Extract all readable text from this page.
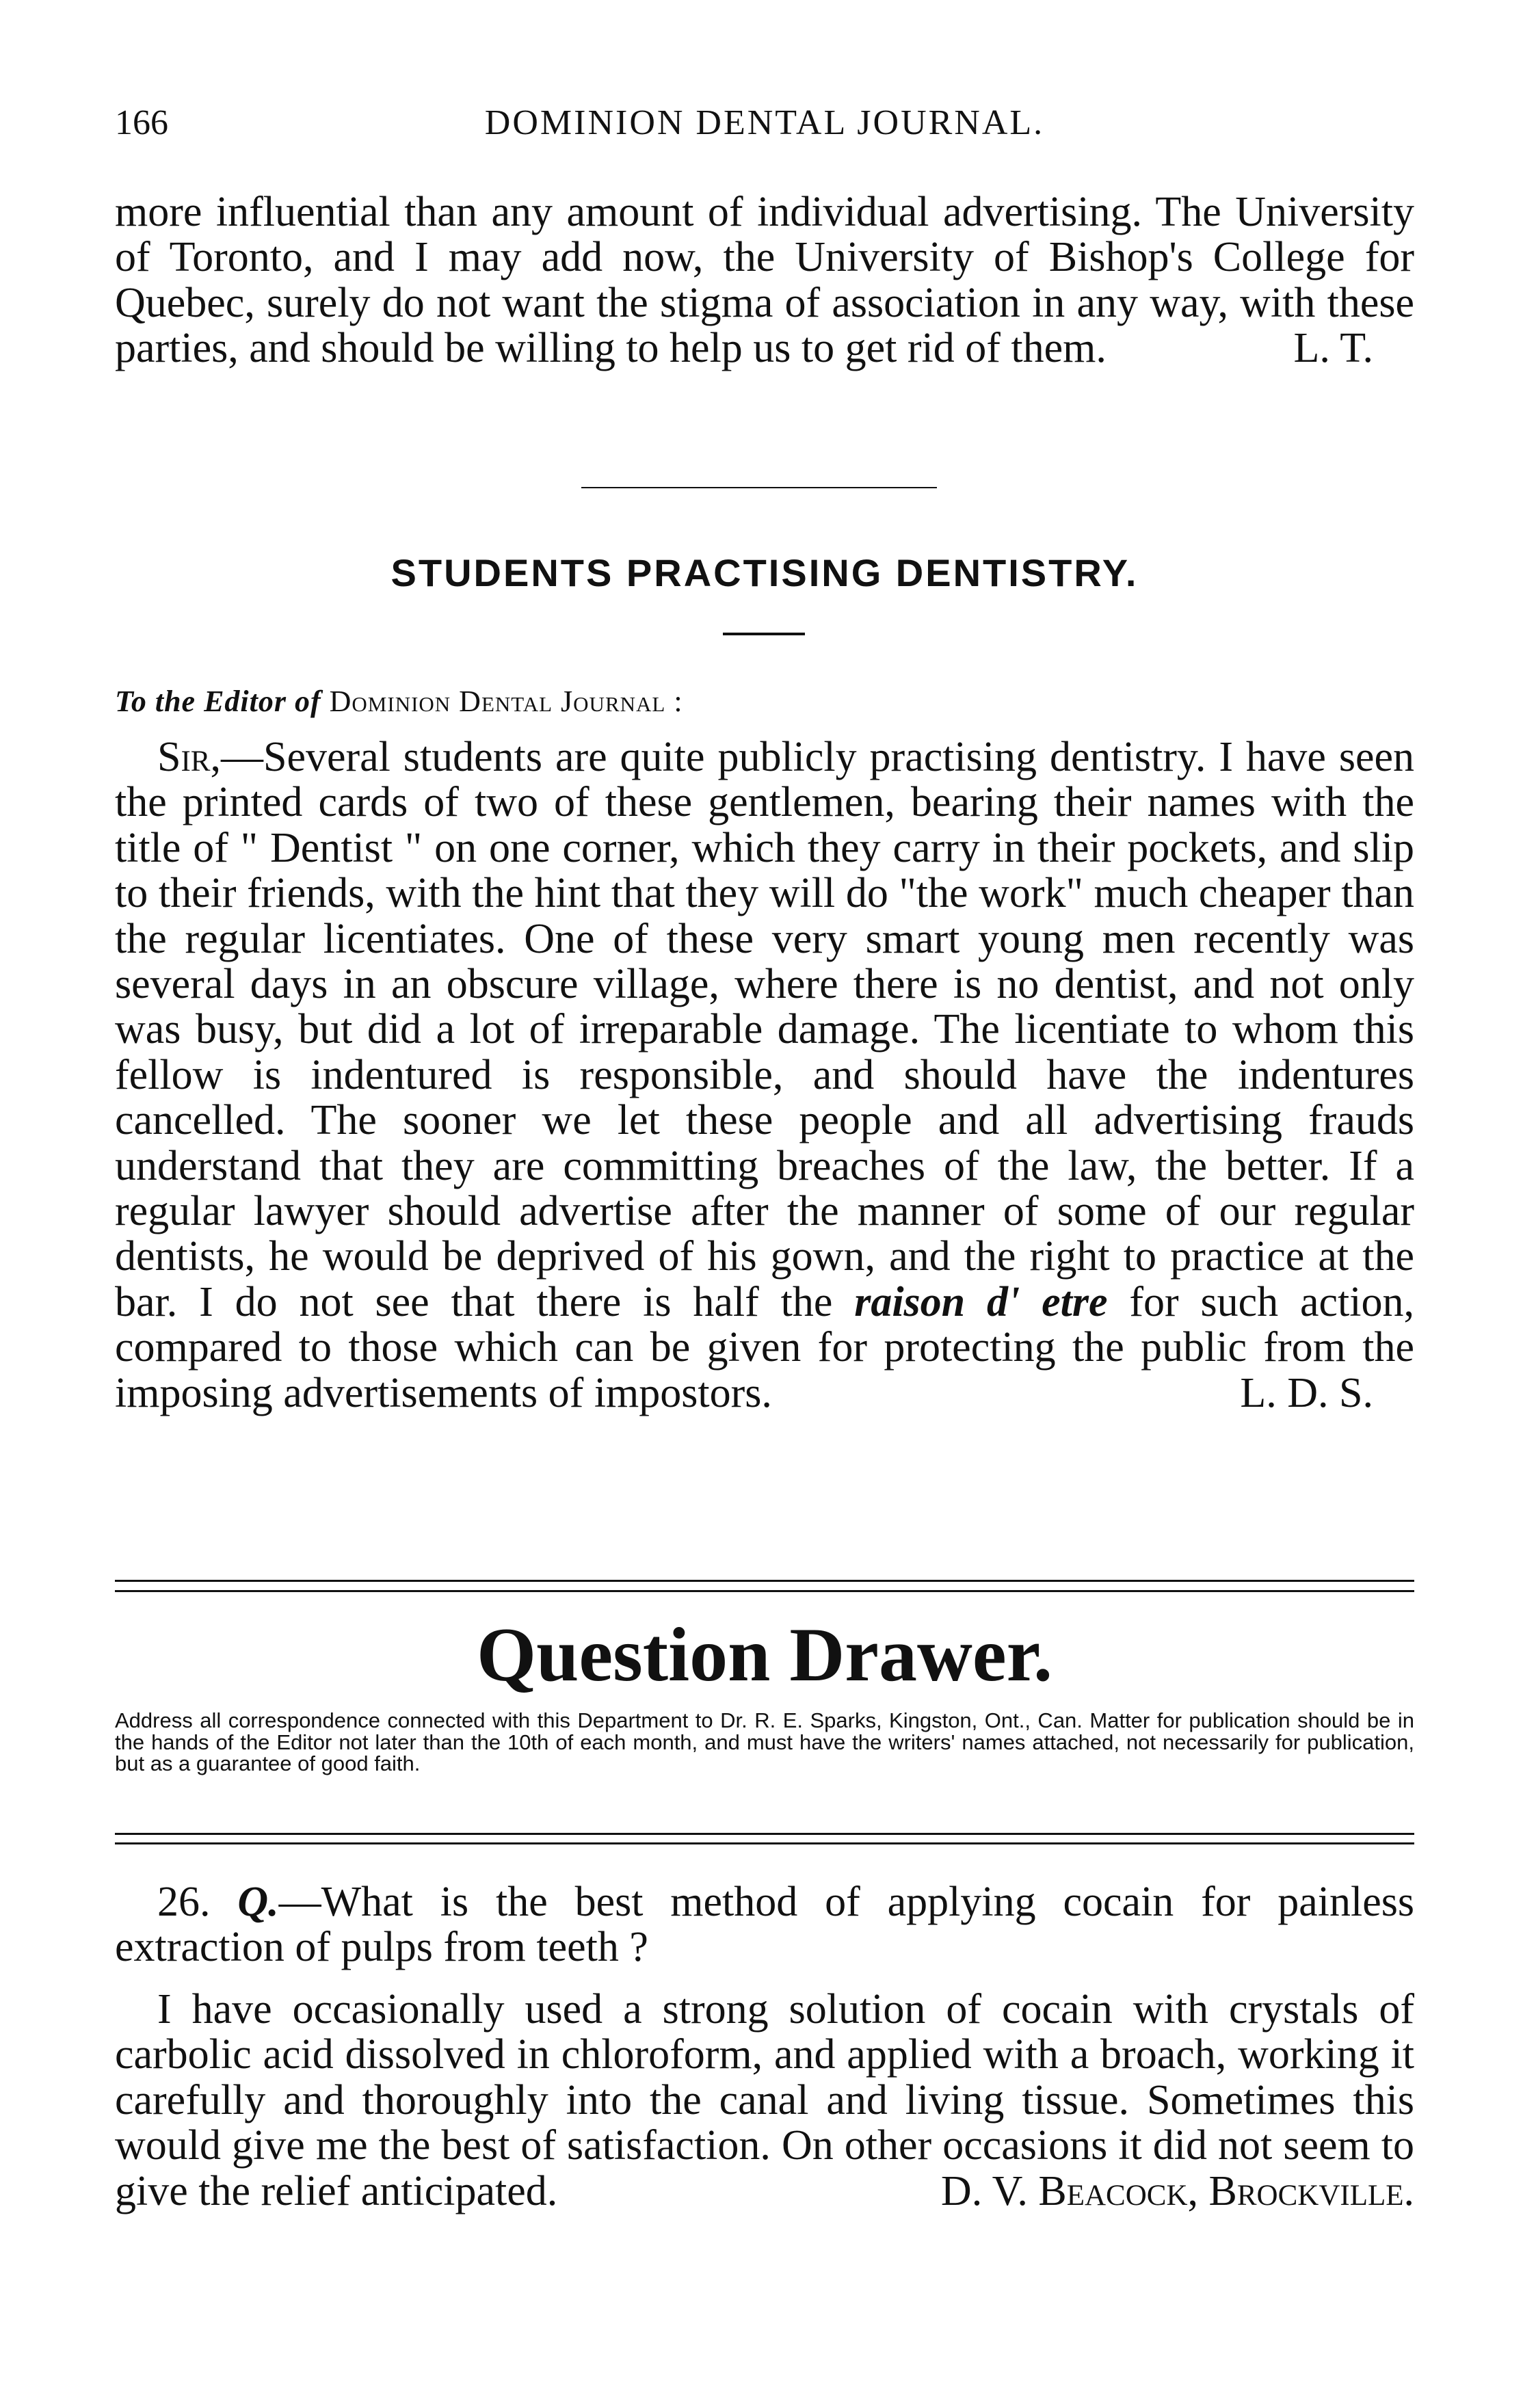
166	DOMINION DENTAL JOURNAL.

more influential than any amount of individual advertising. The University of Toronto, and I may add now, the University of Bishop's College for Quebec, surely do not want the stigma of association in any way, with these parties, and should be willing to help us to get rid of them.	L. T.

STUDENTS PRACTISING DENTISTRY.

To the Editor of Dominion Dental Journal :

Sir,—Several students are quite publicly practising dentistry. I have seen the printed cards of two of these gentlemen, bearing their names with the title of " Dentist " on one corner, which they carry in their pockets, and slip to their friends, with the hint that they will do "the work" much cheaper than the regular licentiates. One of these very smart young men recently was several days in an obscure village, where there is no dentist, and not only was busy, but did a lot of irreparable damage. The licentiate to whom this fellow is indentured is responsible, and should have the indentures cancelled. The sooner we let these people and all advertising frauds understand that they are committing breaches of the law, the better. If a regular lawyer should advertise after the manner of some of our regular dentists, he would be deprived of his gown, and the right to practice at the bar. I do not see that there is half the raison d' etre for such action, compared to those which can be given for protecting the public from the imposing advertisements of impostors.	L. D. S.

Question Drawer.

Address all correspondence connected with this Department to Dr. R. E. Sparks, Kingston, Ont., Can. Matter for publication should be in the hands of the Editor not later than the 10th of each month, and must have the writers' names attached, not necessarily for publication, but as a guarantee of good faith.

26. Q.—What is the best method of applying cocain for painless extraction of pulps from teeth ?

I have occasionally used a strong solution of cocain with crystals of carbolic acid dissolved in chloroform, and applied with a broach, working it carefully and thoroughly into the canal and living tissue. Sometimes this would give me the best of satisfaction. On other occasions it did not seem to give the relief anticipated.	D. V. Beacock, Brockville.
